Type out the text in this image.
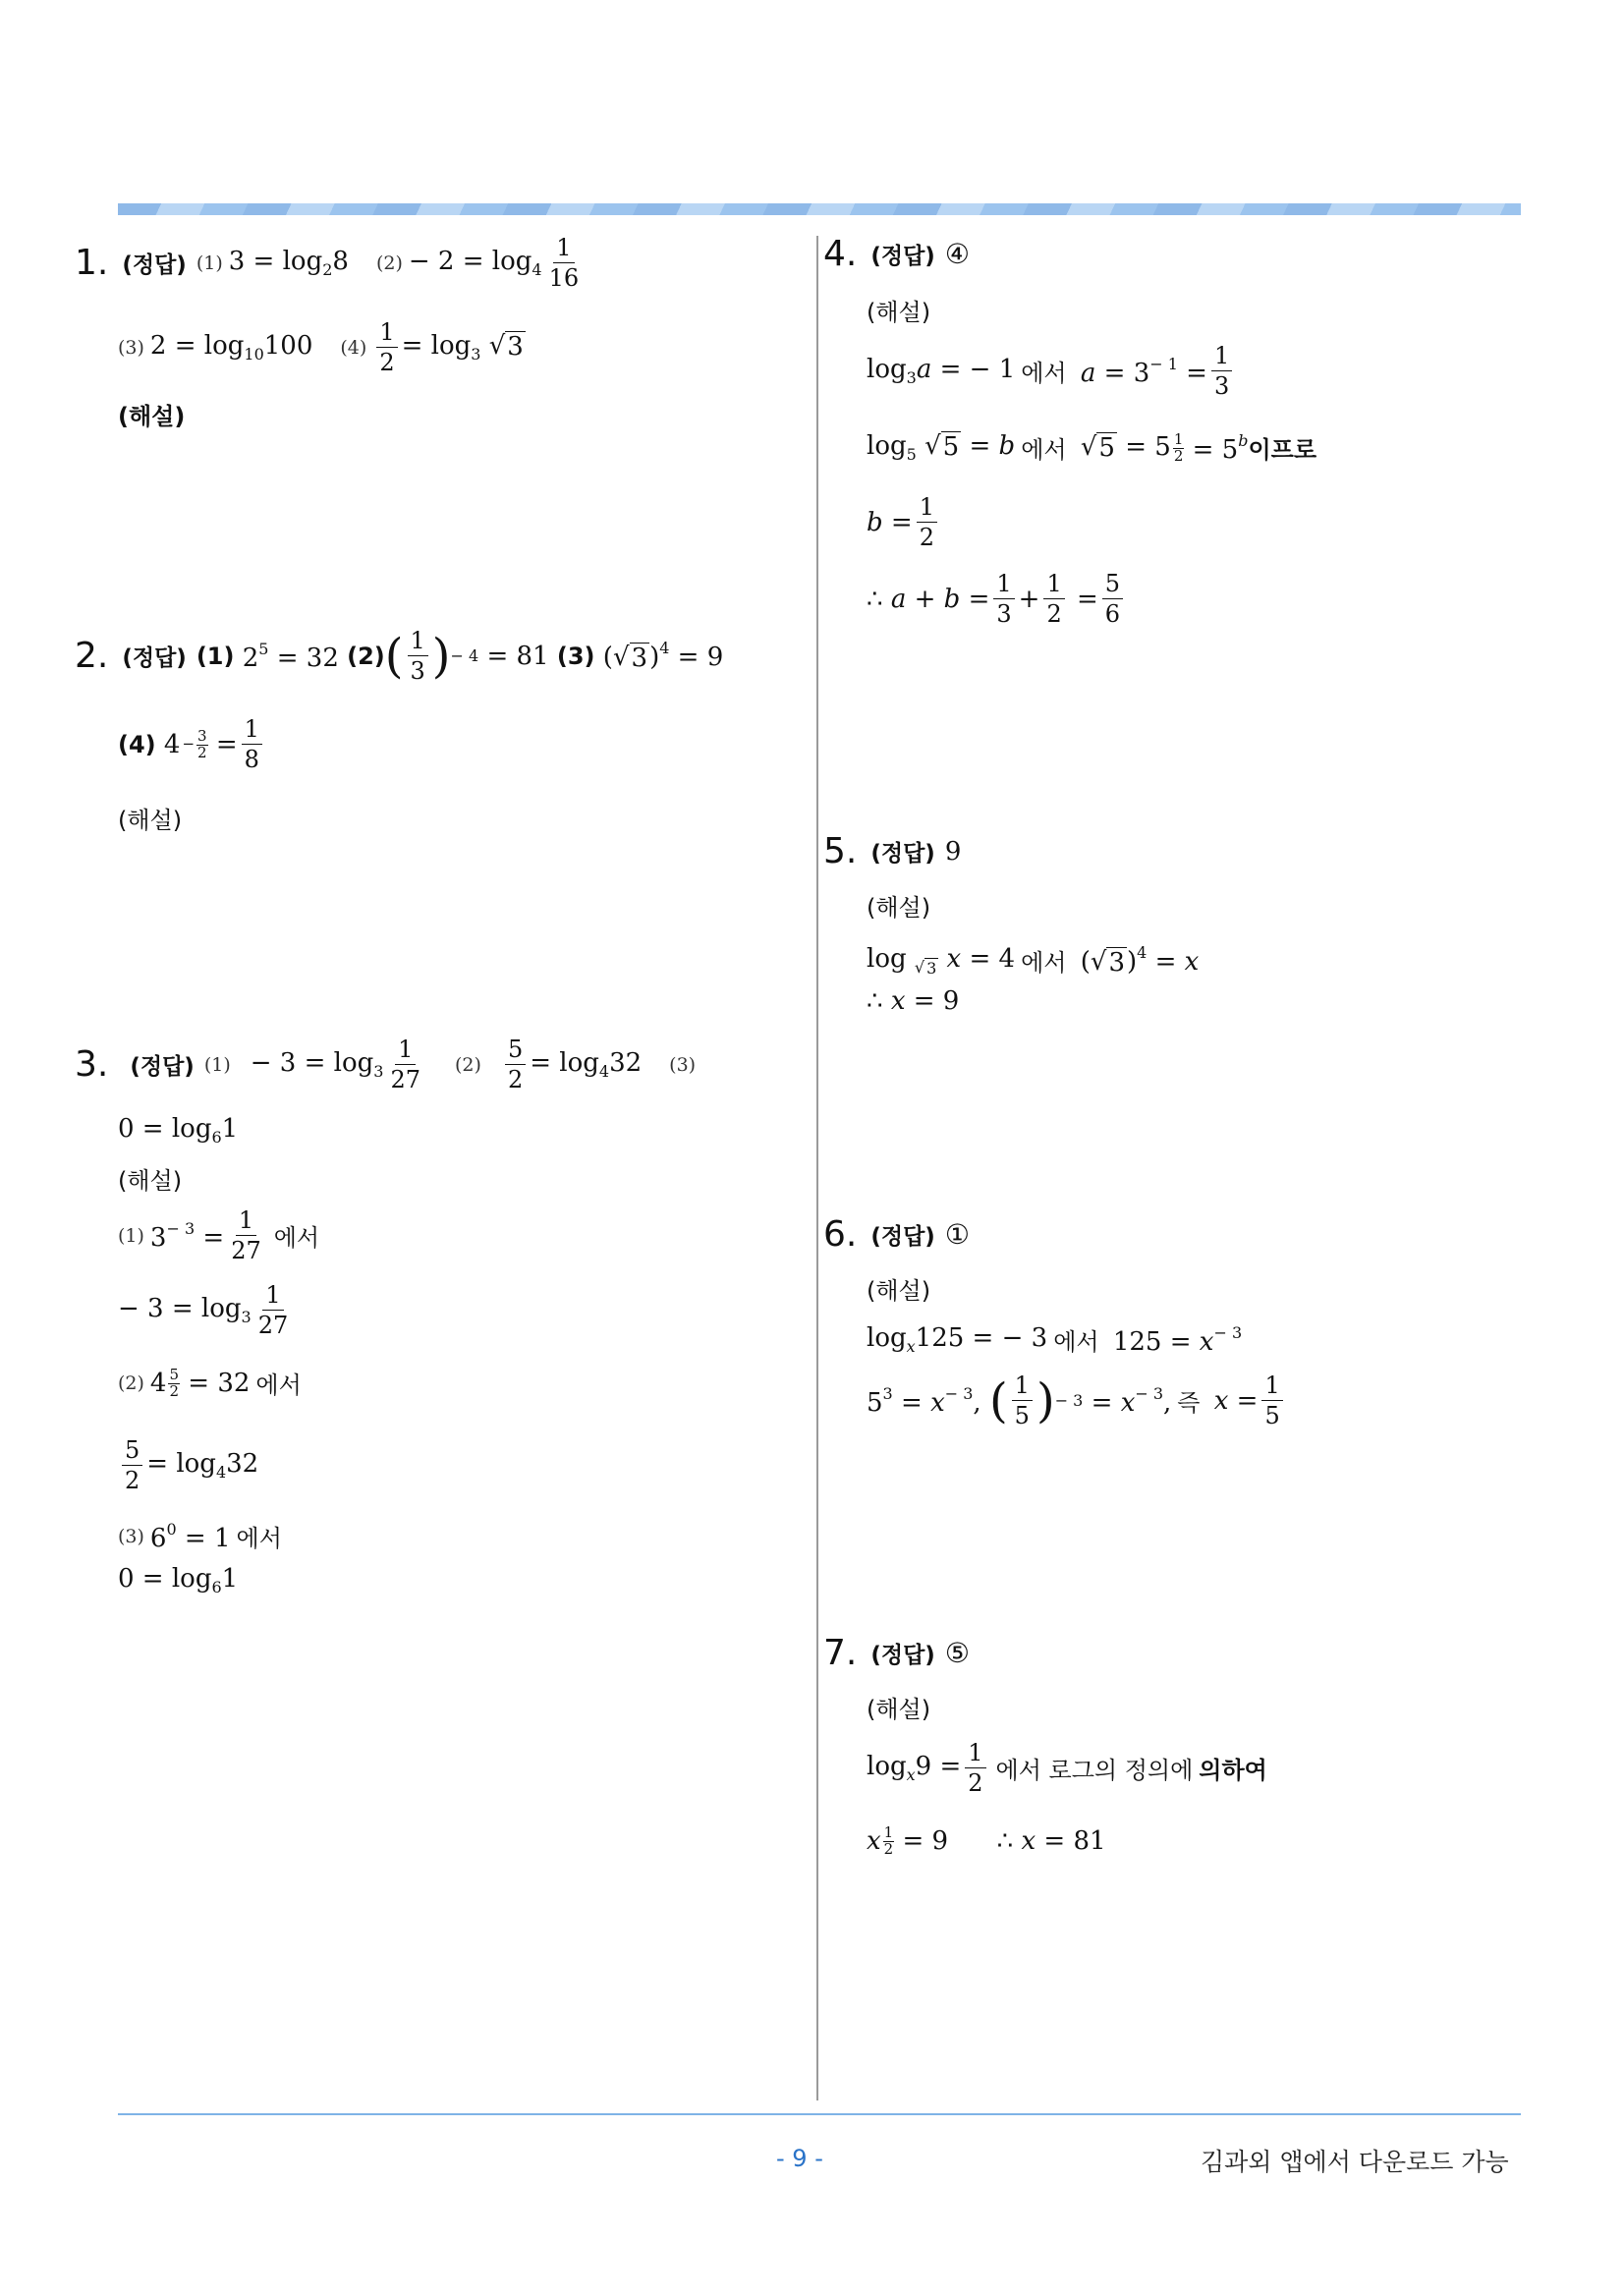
1. (정답) (1) $3 = \log_28$ $(2) - 2 = \log_4 \frac{1}{16}$
(3) $2 = \log_{10}100$ $(4) \frac{1}{2} = \log_3$ √ 3
(해설)
2. (정답) (1) $2^5 = 32$ (2) ( $\frac{1}{3}$ ) − 4 = 81 (3) (√ 3 )$^4$ = 9
(4) $4 - \frac{3}{2} = \frac{1}{8}$
(해설)
3. (정답) $(1) - 3 = \log_3 \frac{1}{27} (2) \frac{5}{2} = \log_432$ (3)
$0 = \log_61$
(해설)
(1) $3^{- 3} = \frac{1}{27}$ 에서
− $3 = \log_3 \frac{1}{27}$
(2) $4 \frac{5}{2} = 32$ 에서
$\frac{5}{2} = \log_432$
(3) $6^0 = 1$ 에서
$0 = \log_61$
4. (정답) ④
(해설)
$\log_3a$ = − 1 에서 $a = 3^{- 1} = \frac{1}{3}$
$\log_5$ √ 5 = b 에서 √ $5 = 5 \frac{1}{2} = 5^b$ 이프로
$b = \frac{1}{2}$
∴ $a + b = \frac{1}{3} + \frac{1}{2} = \frac{5}{6}$
5. (정답) 9
(해설)
log $_{√ 3}$ x = 4 에서 (√ 3 )$^4$ = x
∴ x = 9
6. (정답) ①
(해설)
$\log_x125$ = − 3 에서 $125 = x^{- 3}$
$5^3 = x^{- 3}$, ( $\frac{1}{5}$ ) − $3 = x^{- 3}$, 즉 $x = \frac{1}{5}$
7. (정답) ⑤
(해설)
$\log_x9 = \frac{1}{2}$ 에서 로그의 정의에 의하여
x $\frac{1}{2} = 9$      ∴ x = 81
- 9 -	김과외 앱에서 다운로드 가능
